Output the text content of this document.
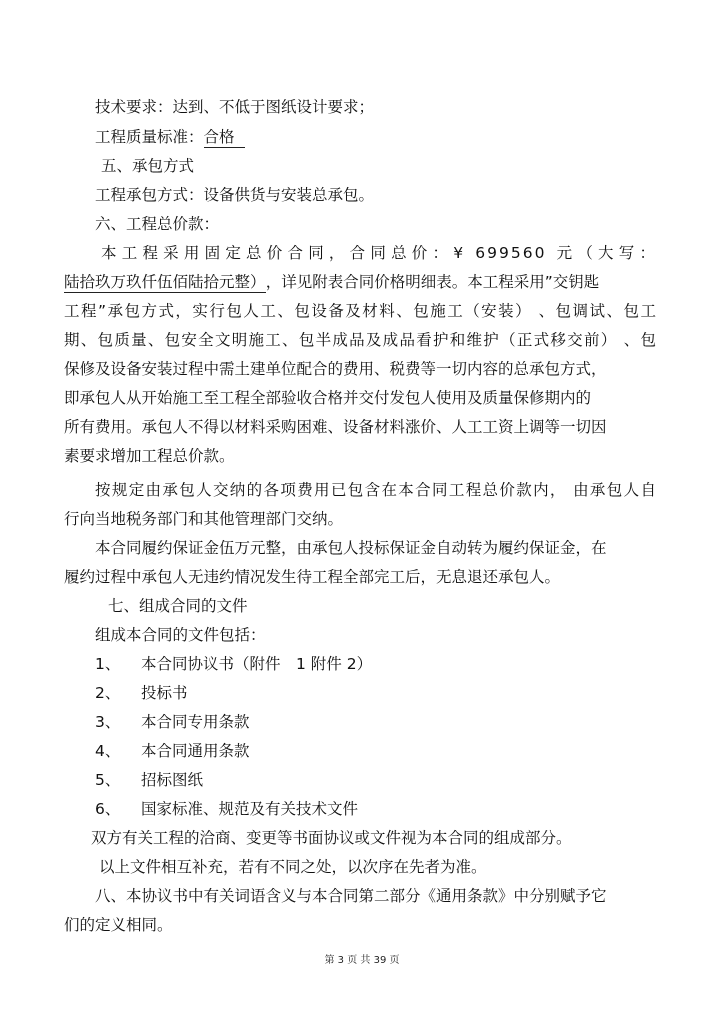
技术要求：达到、不低于图纸设计要求；
工程质量标准：合格
五、承包方式
工程承包方式：设备供货与安装总承包。
六、工程总价款：
本工程采用固定总价合同，合同总价：¥ 699560 元（大写：
陆拾玖万玖仟伍佰陆拾元整） ，详见附表合同价格明细表。本工程采用”交钥匙
工程”承包方式，实行包人工、包设备及材料、包施工（安装） 、包调试、包工
期、包质量、包安全文明施工、包半成品及成品看护和维护（正式移交前） 、包
保修及设备安装过程中需土建单位配合的费用、税费等一切内容的总承包方式，
即承包人从开始施工至工程全部验收合格并交付发包人使用及质量保修期内的
所有费用。承包人不得以材料采购困难、设备材料涨价、人工工资上调等一切因
素要求增加工程总价款。
按规定由承包人交纳的各项费用已包含在本合同工程总价款内， 由承包人自
行向当地税务部门和其他管理部门交纳。
本合同履约保证金伍万元整，由承包人投标保证金自动转为履约保证金，在
履约过程中承包人无违约情况发生待工程全部完工后，无息退还承包人。
七、组成合同的文件
组成本合同的文件包括：
1、 本合同协议书（附件　1 附件 2）
2、 投标书
3、 本合同专用条款
4、 本合同通用条款
5、 招标图纸
6、 国家标准、规范及有关技术文件
双方有关工程的洽商、变更等书面协议或文件视为本合同的组成部分。
以上文件相互补充，若有不同之处，以次序在先者为准。
八、本协议书中有关词语含义与本合同第二部分《通用条款》中分别赋予它
们的定义相同。
第 3 页 共 39 页
